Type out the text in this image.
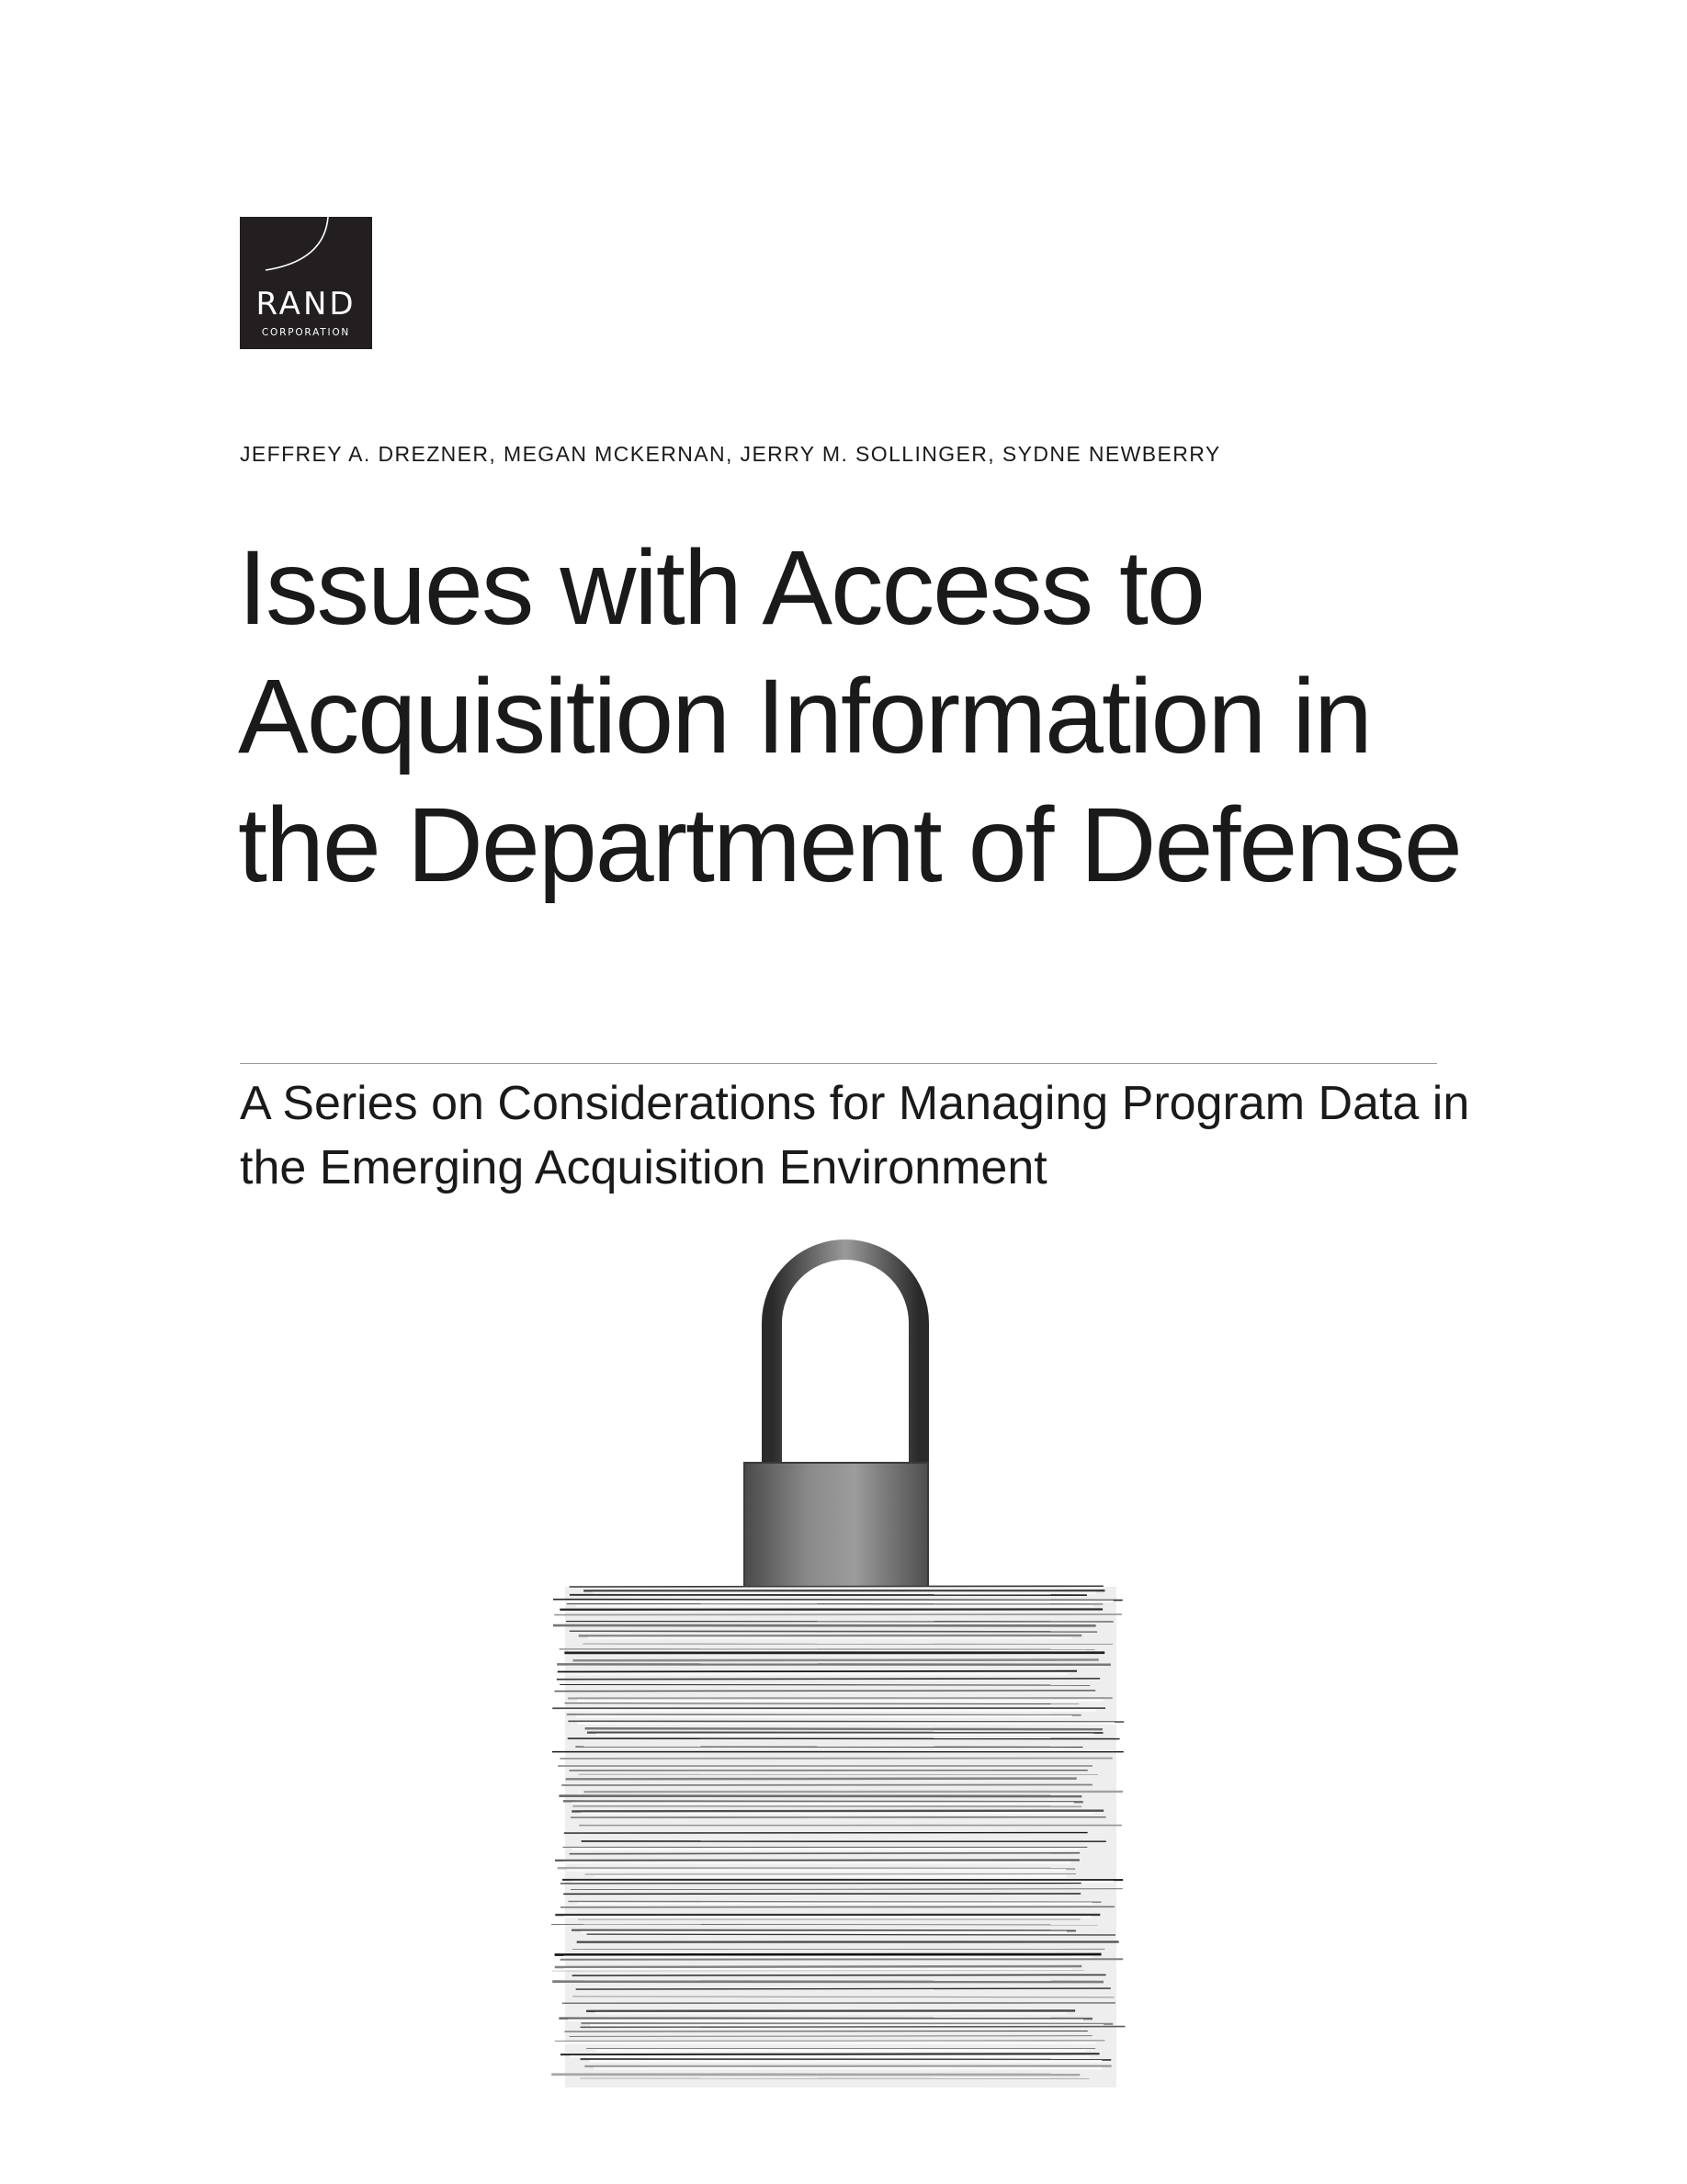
RAND
CORPORATION
JEFFREY A. DREZNER, MEGAN MCKERNAN, JERRY M. SOLLINGER, SYDNE NEWBERRY
Issues with Access to Acquisition Information in the Department of Defense
A Series on Considerations for Managing Program Data in the Emerging Acquisition Environment
